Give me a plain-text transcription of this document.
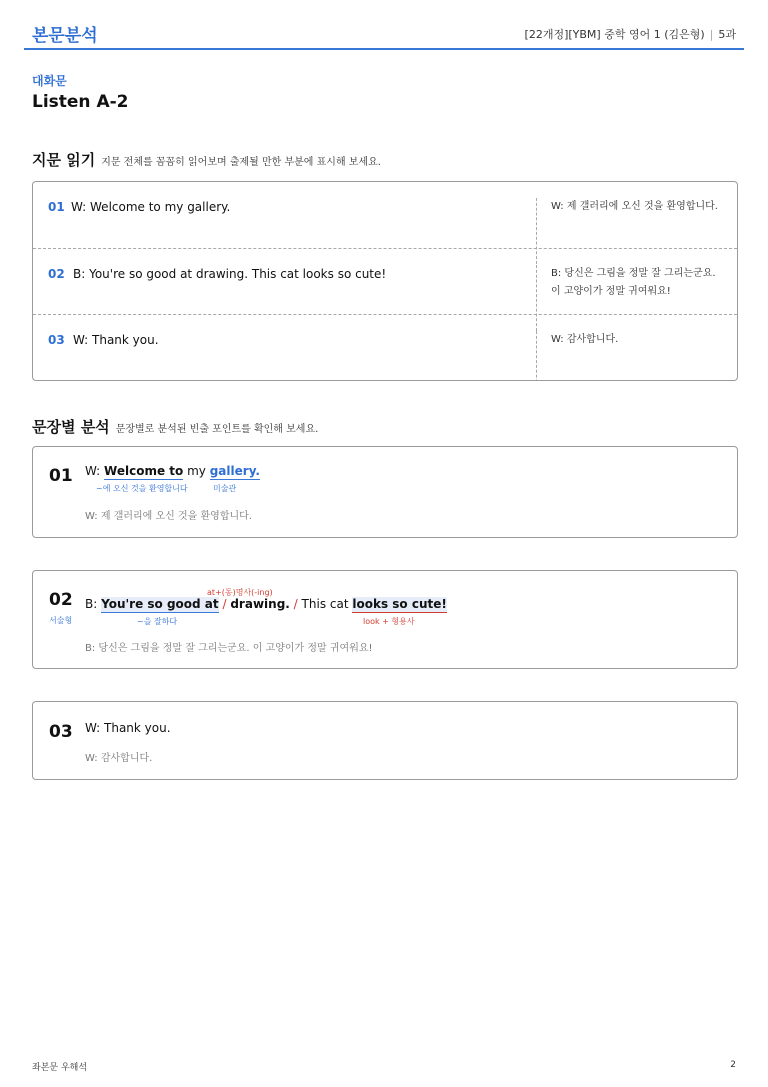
본문분석	[22개정][YBM] 중학 영어 1 (김은형) | 5과
대화문
Listen A-2
지문 읽기 지문 전체를 꼼꼼히 읽어보며 출제될 만한 부분에 표시해 보세요.
01 W: Welcome to my gallery.	W: 제 갤러리에 오신 것을 환영합니다.
02 B: You're so good at drawing. This cat looks so cute!	B: 당신은 그림을 정말 잘 그리는군요.
이 고양이가 정말 귀여워요!
03 W: Thank you.	W: 감사합니다.
문장별 분석 문장별로 분석된 빈출 포인트를 확인해 보세요.
01 W: Welcome to my gallery.
~에 오신 것을 환영합니다	미술관
W: 제 갤러리에 오신 것을 환영합니다.
02
서술형
at+(동)명사(-ing)
B: You're so good at / drawing. / This cat looks so cute!
~을 잘하다	look + 형용사
B: 당신은 그림을 정말 잘 그리는군요. 이 고양이가 정말 귀여워요!
03 W: Thank you.
W: 감사합니다.
좌본문 우해석	2
